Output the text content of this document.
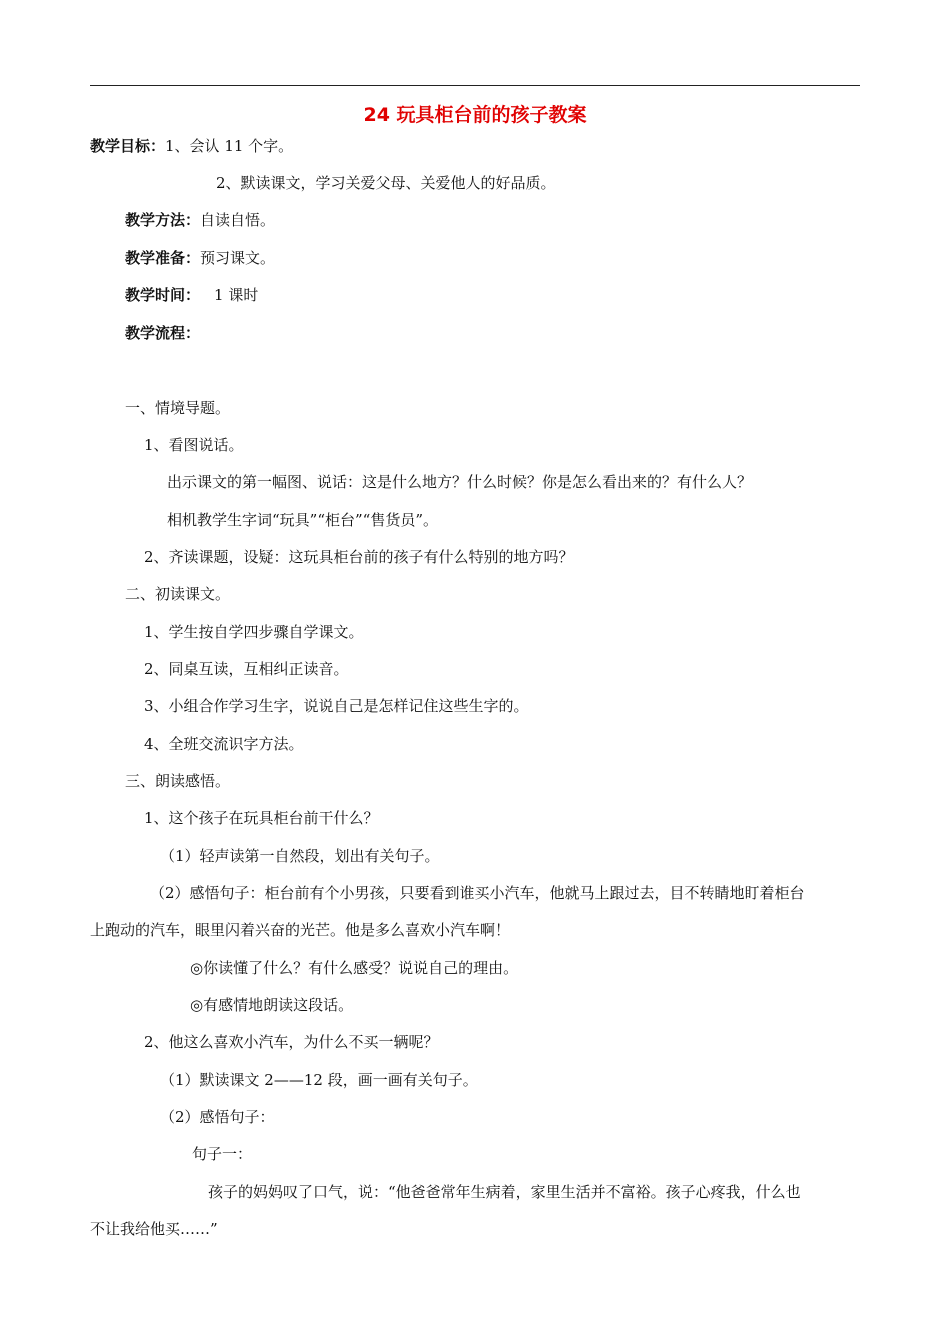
24 玩具柜台前的孩子教案
教学目标：1、会认 11 个字。
2、默读课文，学习关爱父母、关爱他人的好品质。
教学方法：自读自悟。
教学准备：预习课文。
教学时间： 1 课时
教学流程：
一、情境导题。
1、看图说话。
出示课文的第一幅图、说话：这是什么地方？什么时候？你是怎么看出来的？有什么人？
相机教学生字词“玩具”“柜台”“售货员”。
2、齐读课题，设疑：这玩具柜台前的孩子有什么特别的地方吗？
二、初读课文。
1、学生按自学四步骤自学课文。
2、同桌互读，互相纠正读音。
3、小组合作学习生字，说说自己是怎样记住这些生字的。
4、全班交流识字方法。
三、朗读感悟。
1、这个孩子在玩具柜台前干什么？
（1）轻声读第一自然段，划出有关句子。
（2）感悟句子：柜台前有个小男孩，只要看到谁买小汽车，他就马上跟过去，目不转睛地盯着柜台
上跑动的汽车，眼里闪着兴奋的光芒。他是多么喜欢小汽车啊！
◎你读懂了什么？有什么感受？说说自己的理由。
◎有感情地朗读这段话。
2、他这么喜欢小汽车，为什么不买一辆呢？
（1）默读课文 2——12 段，画一画有关句子。
（2）感悟句子：
句子一：
孩子的妈妈叹了口气，说：“他爸爸常年生病着，家里生活并不富裕。孩子心疼我，什么也
不让我给他买……”
